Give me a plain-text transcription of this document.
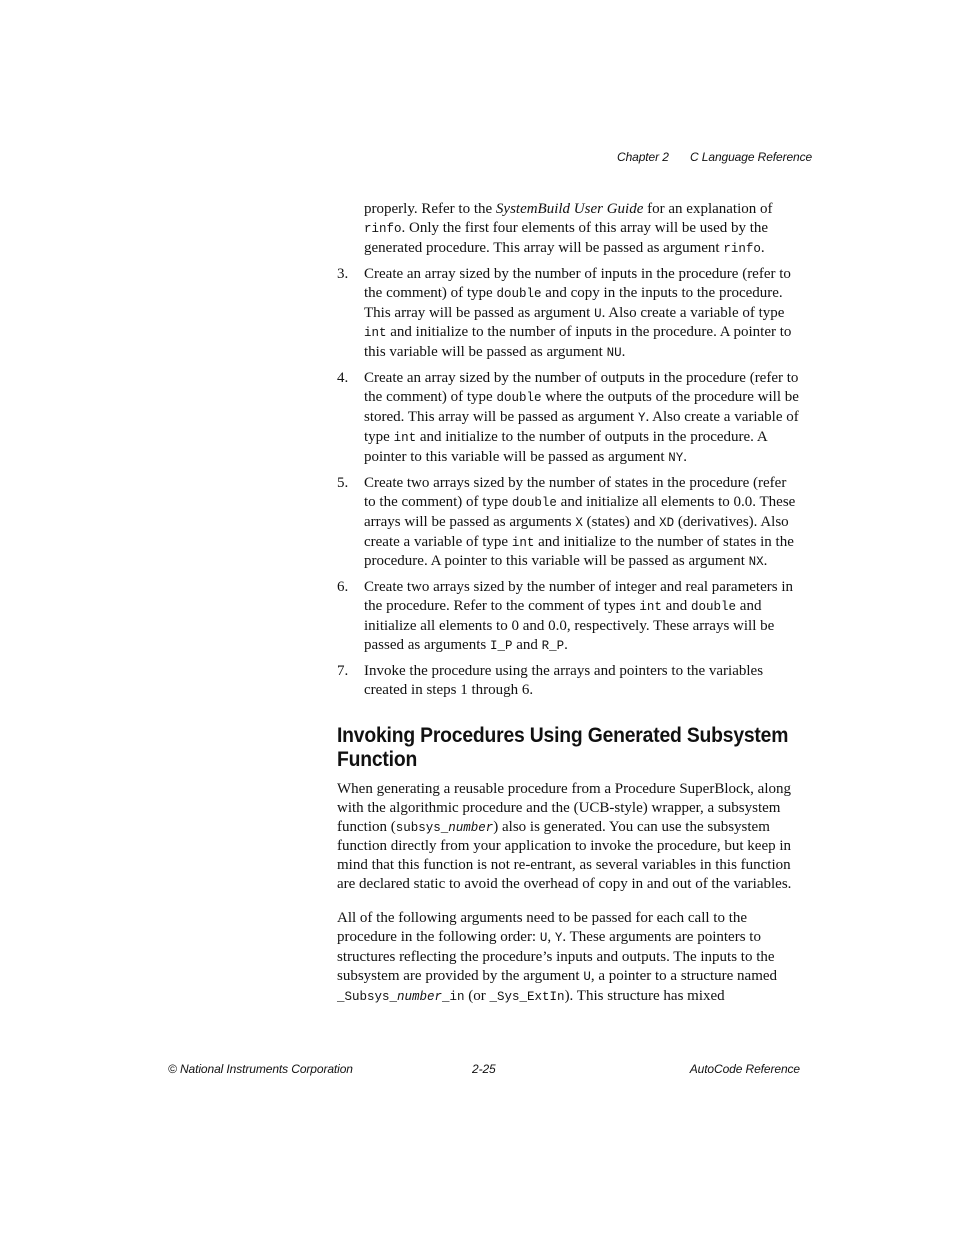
Chapter 2 C Language Reference
properly. Refer to the SystemBuild User Guide for an explanation of rinfo. Only the first four elements of this array will be used by the generated procedure. This array will be passed as argument rinfo.
3. Create an array sized by the number of inputs in the procedure (refer to the comment) of type double and copy in the inputs to the procedure. This array will be passed as argument U. Also create a variable of type int and initialize to the number of inputs in the procedure. A pointer to this variable will be passed as argument NU.
4. Create an array sized by the number of outputs in the procedure (refer to the comment) of type double where the outputs of the procedure will be stored. This array will be passed as argument Y. Also create a variable of type int and initialize to the number of outputs in the procedure. A pointer to this variable will be passed as argument NY.
5. Create two arrays sized by the number of states in the procedure (refer to the comment) of type double and initialize all elements to 0.0. These arrays will be passed as arguments X (states) and XD (derivatives). Also create a variable of type int and initialize to the number of states in the procedure. A pointer to this variable will be passed as argument NX.
6. Create two arrays sized by the number of integer and real parameters in the procedure. Refer to the comment of types int and double and initialize all elements to 0 and 0.0, respectively. These arrays will be passed as arguments I_P and R_P.
7. Invoke the procedure using the arrays and pointers to the variables created in steps 1 through 6.
Invoking Procedures Using Generated Subsystem Function

When generating a reusable procedure from a Procedure SuperBlock, along with the algorithmic procedure and the (UCB-style) wrapper, a subsystem function (subsys_number) also is generated. You can use the subsystem function directly from your application to invoke the procedure, but keep in mind that this function is not re-entrant, as several variables in this function are declared static to avoid the overhead of copy in and out of the variables.

All of the following arguments need to be passed for each call to the procedure in the following order: U, Y. These arguments are pointers to structures reflecting the procedure’s inputs and outputs. The inputs to the subsystem are provided by the argument U, a pointer to a structure named _Subsys_number_in (or _Sys_ExtIn). This structure has mixed

© National Instruments Corporation	2-25	AutoCode Reference
